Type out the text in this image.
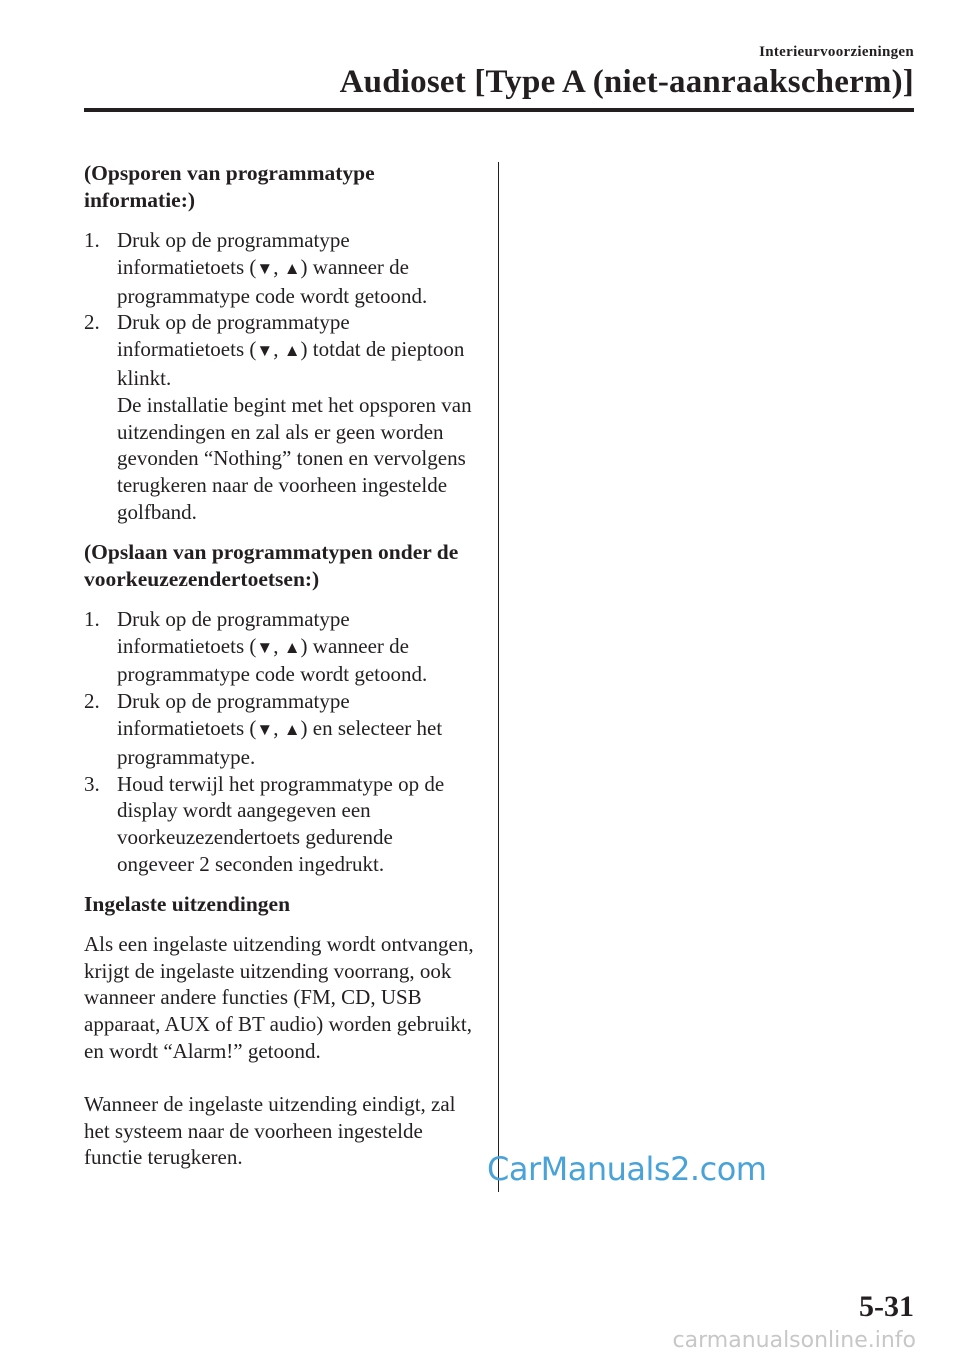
Interieurvoorzieningen
Audioset [Type A (niet-aanraakscherm)]
(Opsporen van programmatype informatie:)
1. Druk op de programmatype informatietoets (▼, ▲) wanneer de programmatype code wordt getoond.
2. Druk op de programmatype informatietoets (▼, ▲) totdat de pieptoon klinkt.
De installatie begint met het opsporen van uitzendingen en zal als er geen worden gevonden “Nothing” tonen en vervolgens terugkeren naar de voorheen ingestelde golfband.
(Opslaan van programmatypen onder de voorkeuzezendertoetsen:)
1. Druk op de programmatype informatietoets (▼, ▲) wanneer de programmatype code wordt getoond.
2. Druk op de programmatype informatietoets (▼, ▲) en selecteer het programmatype.
3. Houd terwijl het programmatype op de display wordt aangegeven een voorkeuzezendertoets gedurende ongeveer 2 seconden ingedrukt.
Ingelaste uitzendingen

Als een ingelaste uitzending wordt ontvangen, krijgt de ingelaste uitzending voorrang, ook wanneer andere functies (FM, CD, USB apparaat, AUX of BT audio) worden gebruikt, en wordt “Alarm!” getoond.

Wanneer de ingelaste uitzending eindigt, zal het systeem naar de voorheen ingestelde functie terugkeren.	CarManuals2.com
5-31
carmanualsonline.info
